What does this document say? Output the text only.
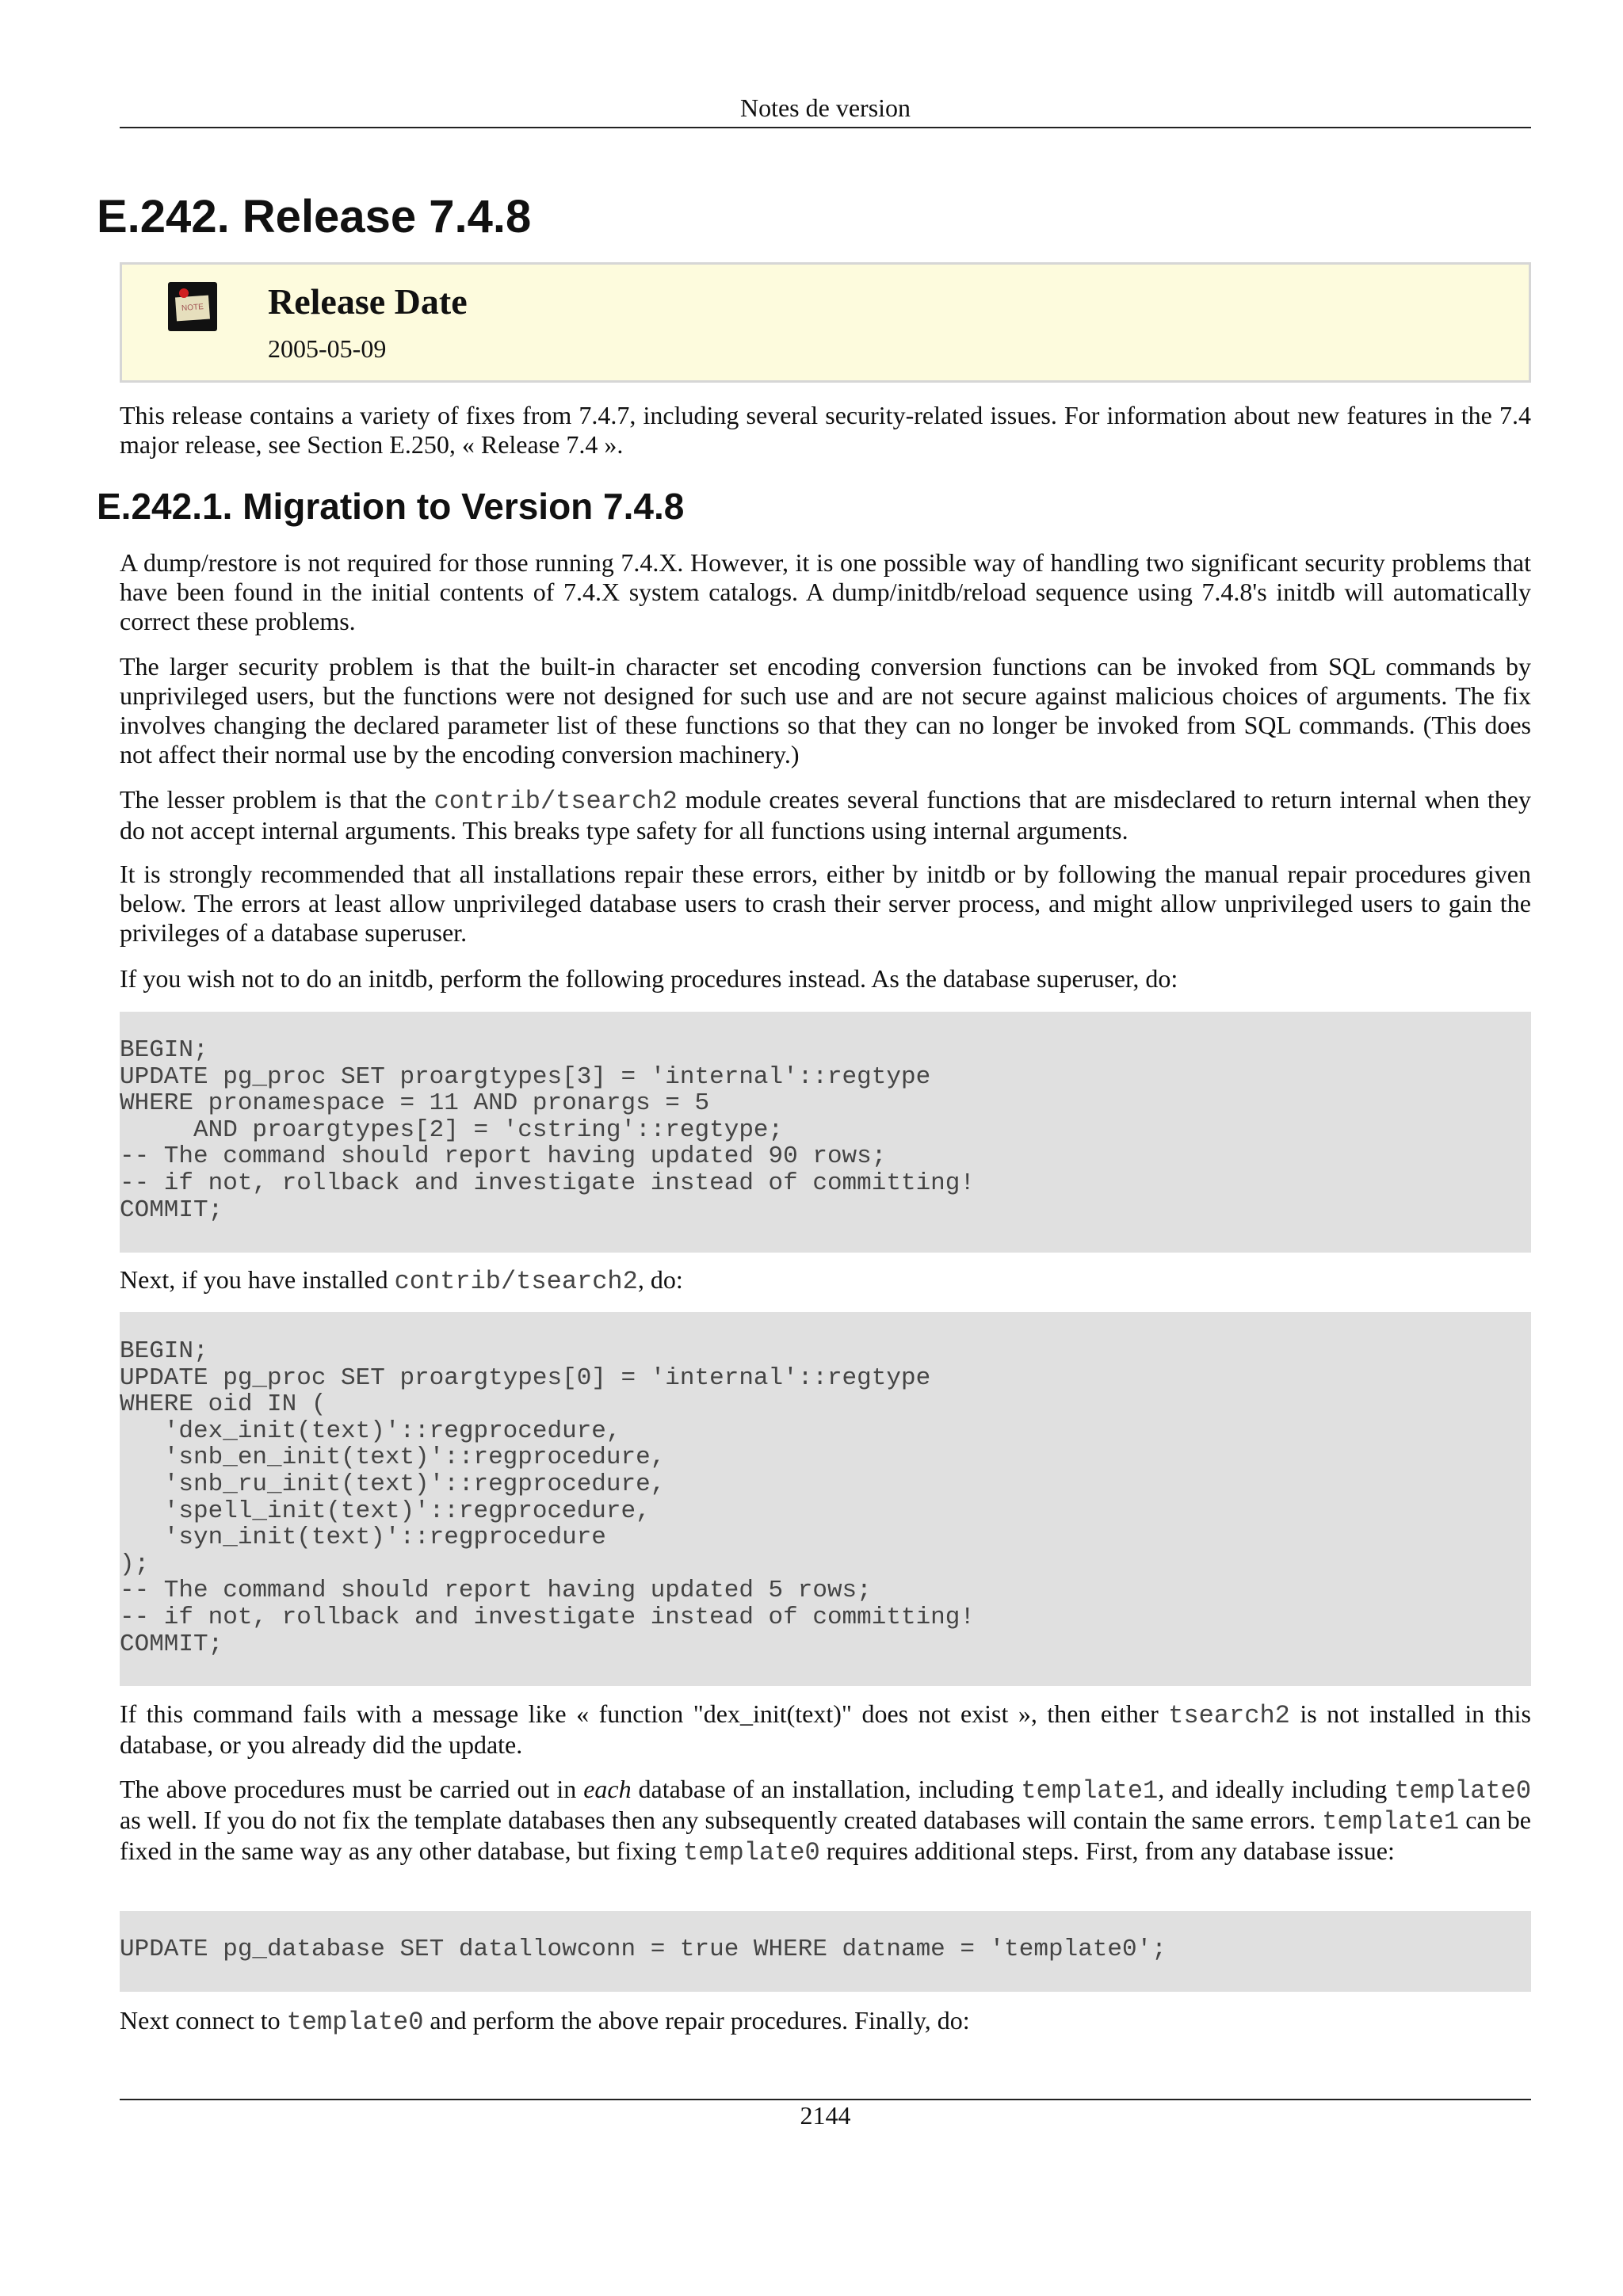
Notes de version
E.242. Release 7.4.8
NOTE Release Date
2005-05-09

This release contains a variety of fixes from 7.4.7, including several security-related issues. For information about new features in the 7.4 major release, see Section E.250, « Release 7.4 ».

E.242.1. Migration to Version 7.4.8

A dump/restore is not required for those running 7.4.X. However, it is one possible way of handling two significant security problems that have been found in the initial contents of 7.4.X system catalogs. A dump/initdb/reload sequence using 7.4.8's initdb will automatically correct these problems.

The larger security problem is that the built-in character set encoding conversion functions can be invoked from SQL commands by unprivileged users, but the functions were not designed for such use and are not secure against malicious choices of arguments. The fix involves changing the declared parameter list of these functions so that they can no longer be invoked from SQL commands. (This does not affect their normal use by the encoding conversion machinery.)

The lesser problem is that the contrib/tsearch2 module creates several functions that are misdeclared to return internal when they do not accept internal arguments. This breaks type safety for all functions using internal arguments.

It is strongly recommended that all installations repair these errors, either by initdb or by following the manual repair procedures given below. The errors at least allow unprivileged database users to crash their server process, and might allow unprivileged users to gain the privileges of a database superuser.

If you wish not to do an initdb, perform the following procedures instead. As the database superuser, do:

BEGIN;
UPDATE pg_proc SET proargtypes[3] = 'internal'::regtype
WHERE pronamespace = 11 AND pronargs = 5
AND proargtypes[2] = 'cstring'::regtype;
-- The command should report having updated 90 rows;
-- if not, rollback and investigate instead of committing!
COMMIT;

Next, if you have installed contrib/tsearch2, do:

BEGIN;
UPDATE pg_proc SET proargtypes[0] = 'internal'::regtype
WHERE oid IN (
'dex_init(text)'::regprocedure,
'snb_en_init(text)'::regprocedure,
'snb_ru_init(text)'::regprocedure,
'spell_init(text)'::regprocedure,
'syn_init(text)'::regprocedure
);
-- The command should report having updated 5 rows;
-- if not, rollback and investigate instead of committing!
COMMIT;

If this command fails with a message like « function "dex_init(text)" does not exist », then either tsearch2 is not installed in this database, or you already did the update.

The above procedures must be carried out in each database of an installation, including template1, and ideally including template0 as well. If you do not fix the template databases then any subsequently created databases will contain the same errors. template1 can be fixed in the same way as any other database, but fixing template0 requires additional steps. First, from any database issue:

UPDATE pg_database SET datallowconn = true WHERE datname = 'template0';

Next connect to template0 and perform the above repair procedures. Finally, do:

2144
